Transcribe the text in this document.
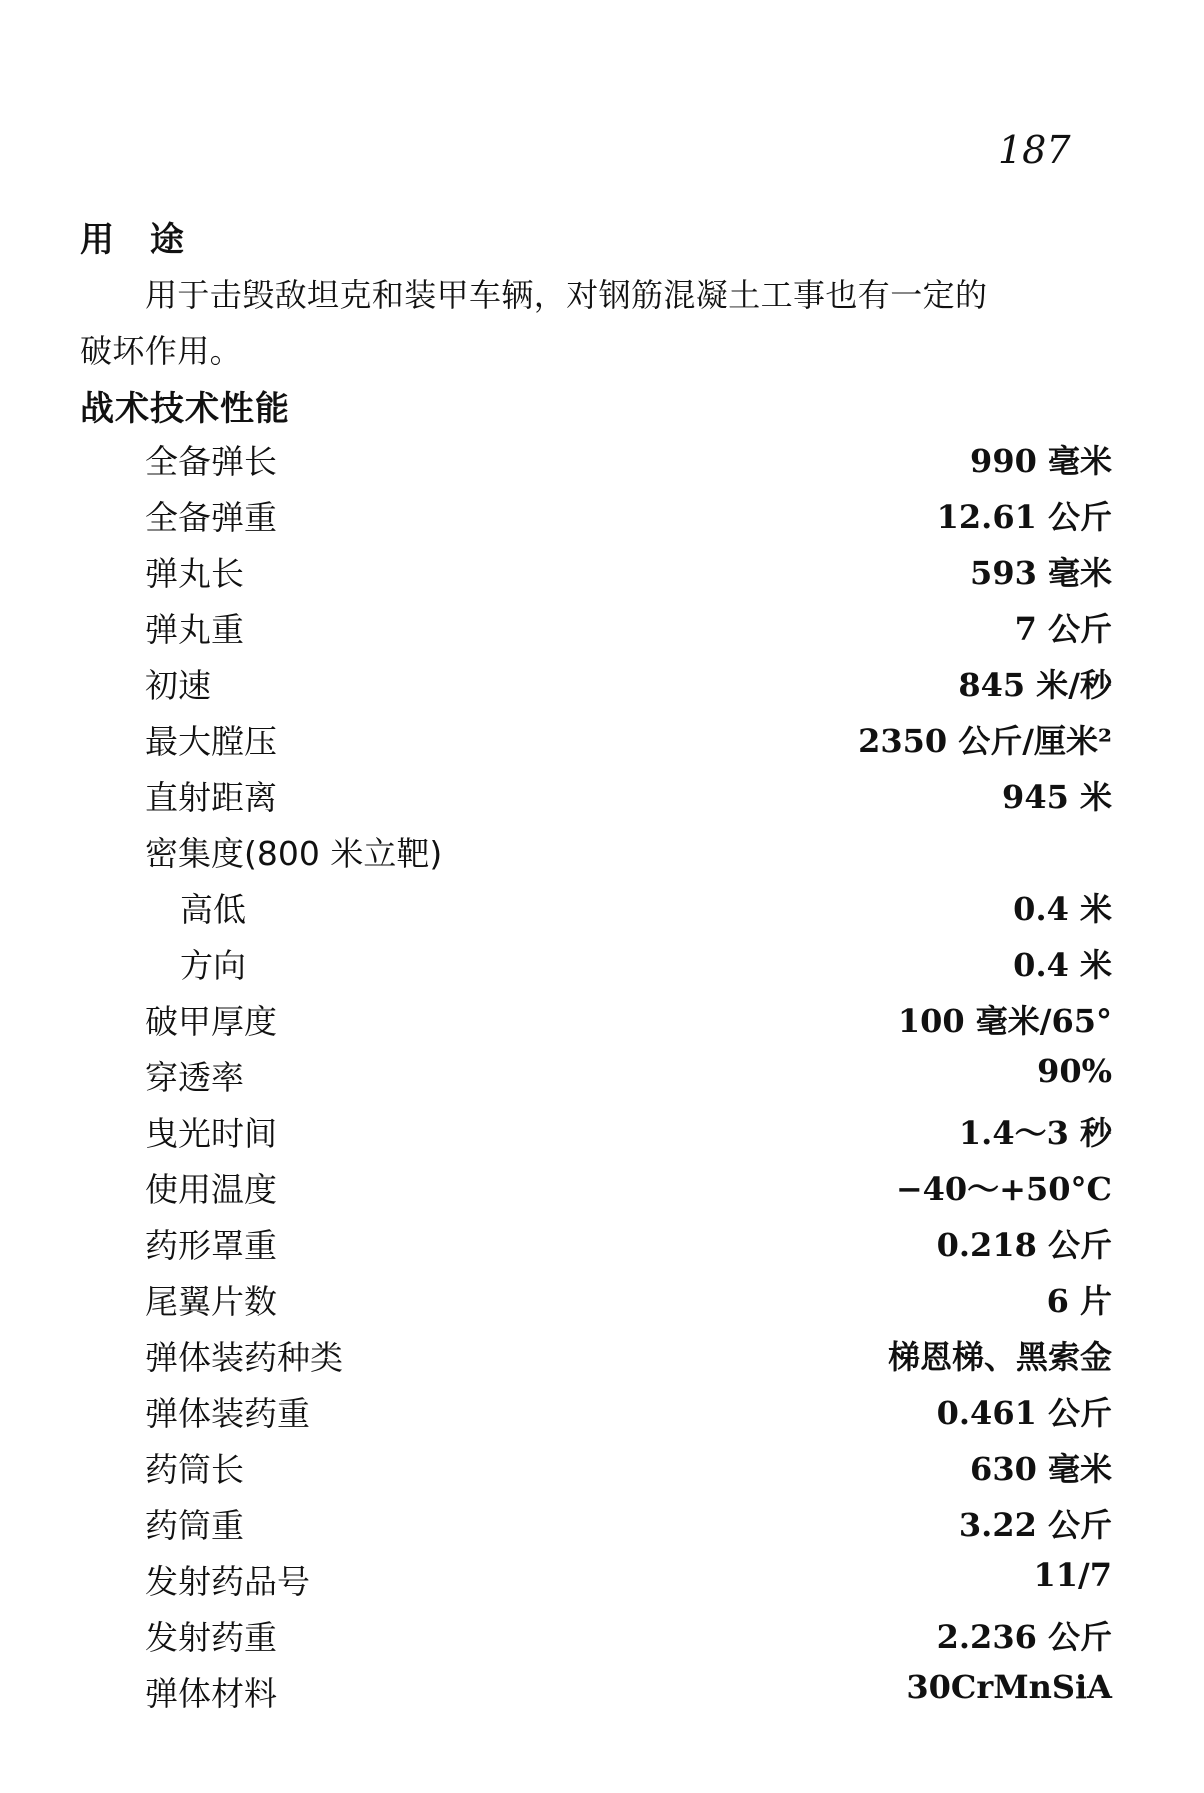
187
用 途
用于击毁敌坦克和装甲车辆，对钢筋混凝土工事也有一定的
破坏作用。
战术技术性能
全备弹长	990 毫米
全备弹重	12.61 公斤
弹丸长	593 毫米
弹丸重	7 公斤
初速	845 米/秒
最大膛压	2350 公斤/厘米²
直射距离	945 米
密集度(800 米立靶)
高低	0.4 米
方向	0.4 米
破甲厚度	100 毫米/65°
穿透率	90%
曳光时间	1.4～3 秒
使用温度	−40～+50°C
药形罩重	0.218 公斤
尾翼片数	6 片
弹体装药种类	梯恩梯、黑索金
弹体装药重	0.461 公斤
药筒长	630 毫米
药筒重	3.22 公斤
发射药品号	11/7
发射药重	2.236 公斤
弹体材料	30CrMnSiA
